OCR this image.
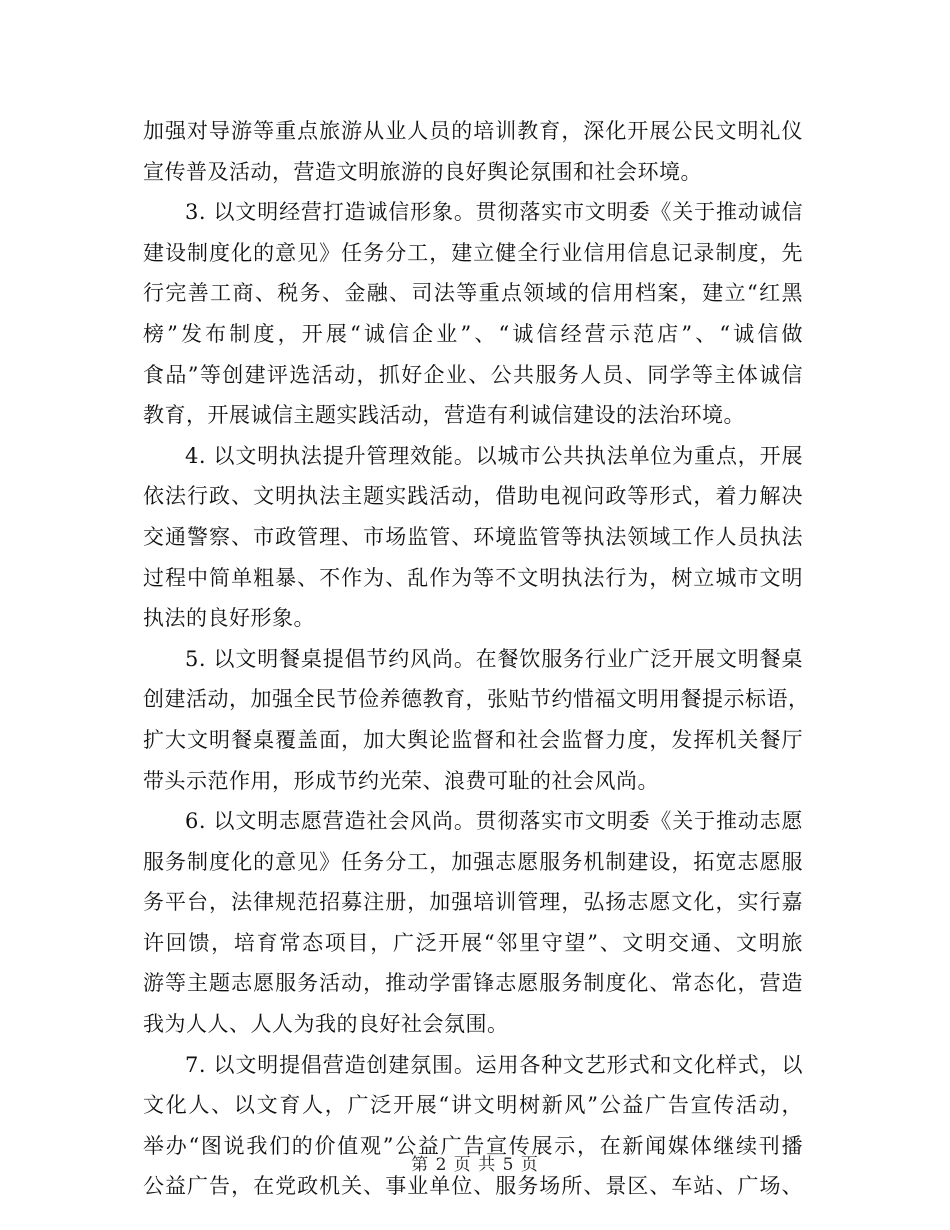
加强对导游等重点旅游从业人员的培训教育，深化开展公民文明礼仪
宣传普及活动，营造文明旅游的良好舆论氛围和社会环境。
3. 以文明经营打造诚信形象。贯彻落实市文明委《关于推动诚信
建设制度化的意见》任务分工，建立健全行业信用信息记录制度，先
行完善工商、税务、金融、司法等重点领域的信用档案，建立“红黑
榜”发布制度，开展“诚信企业”、“诚信经营示范店”、“诚信做
食品”等创建评选活动，抓好企业、公共服务人员、同学等主体诚信
教育，开展诚信主题实践活动，营造有利诚信建设的法治环境。
4. 以文明执法提升管理效能。以城市公共执法单位为重点，开展
依法行政、文明执法主题实践活动，借助电视问政等形式，着力解决
交通警察、市政管理、市场监管、环境监管等执法领域工作人员执法
过程中简单粗暴、不作为、乱作为等不文明执法行为，树立城市文明
执法的良好形象。
5. 以文明餐桌提倡节约风尚。在餐饮服务行业广泛开展文明餐桌
创建活动，加强全民节俭养德教育，张贴节约惜福文明用餐提示标语，
扩大文明餐桌覆盖面，加大舆论监督和社会监督力度，发挥机关餐厅
带头示范作用，形成节约光荣、浪费可耻的社会风尚。
6. 以文明志愿营造社会风尚。贯彻落实市文明委《关于推动志愿
服务制度化的意见》任务分工，加强志愿服务机制建设，拓宽志愿服
务平台，法律规范招募注册，加强培训管理，弘扬志愿文化，实行嘉
许回馈，培育常态项目，广泛开展“邻里守望”、文明交通、文明旅
游等主题志愿服务活动，推动学雷锋志愿服务制度化、常态化，营造
我为人人、人人为我的良好社会氛围。
7. 以文明提倡营造创建氛围。运用各种文艺形式和文化样式，以
文化人、以文育人，广泛开展“讲文明树新风”公益广告宣传活动，
举办“图说我们的价值观”公益广告宣传展示，在新闻媒体继续刊播
公益广告，在党政机关、事业单位、服务场所、景区、车站、广场、
第 2 页 共 5 页
